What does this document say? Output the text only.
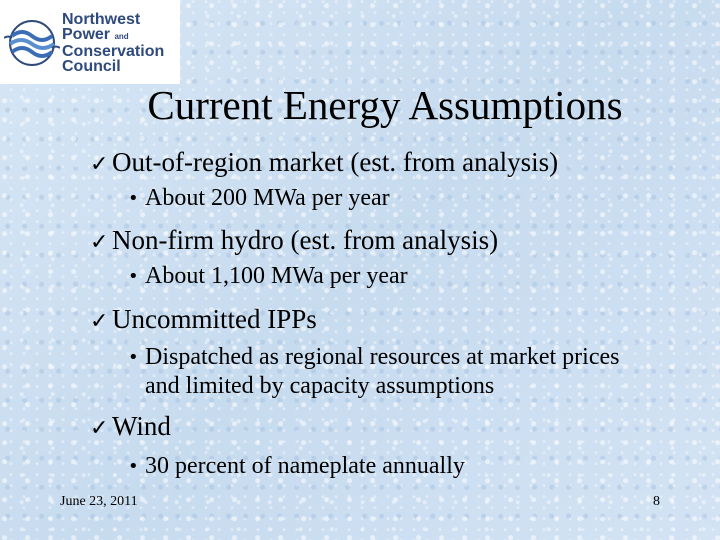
Northwest
Power and
Conservation
Council
Current Energy Assumptions
✓ Out-of-region market (est. from analysis)
• About 200 MWa per year
✓ Non-firm hydro (est. from analysis)
• About 1,100 MWa per year
✓ Uncommitted IPPs
• Dispatched as regional resources at market prices and limited by capacity assumptions
✓ Wind
• 30 percent of nameplate annually
June 23, 2011	8
